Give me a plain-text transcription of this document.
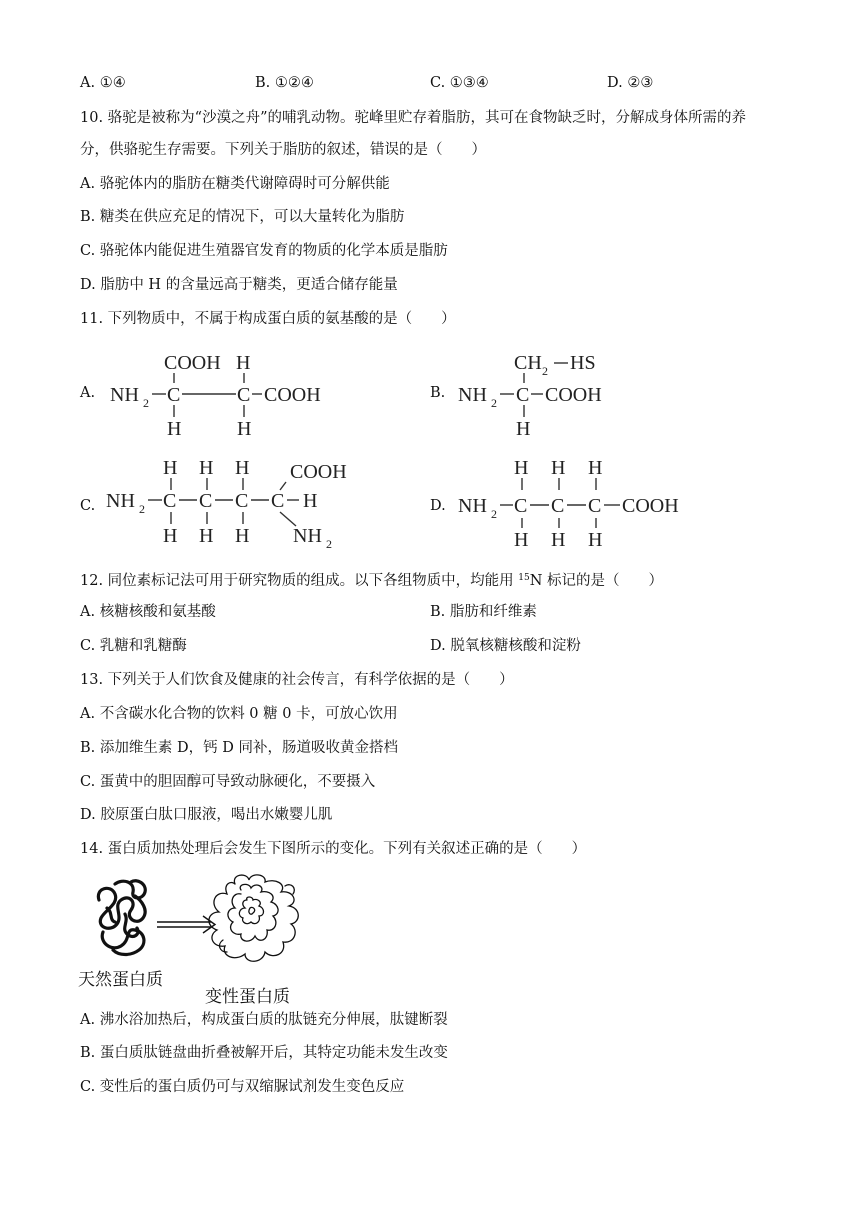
A. ①④	B. ①②④	C. ①③④	D. ②③
10. 骆驼是被称为“沙漠之舟”的哺乳动物。驼峰里贮存着脂肪，其可在食物缺乏时，分解成身体所需的养
分，供骆驼生存需要。下列关于脂肪的叙述，错误的是（　　）
A. 骆驼体内的脂肪在糖类代谢障碍时可分解供能
B. 糖类在供应充足的情况下，可以大量转化为脂肪
C. 骆驼体内能促进生殖器官发育的物质的化学本质是脂肪
D. 脂肪中 H 的含量远高于糖类，更适合储存能量
11. 下列物质中，不属于构成蛋白质的氨基酸的是（　　）
A.	B.
C.	D.
COOH H
NH 2 C	C COOH
H	H
CH 2 HS
NH 2 C COOH
H
H H H COOH
NH 2 C C C C H
H H H NH 2
H H H
NH 2 C C C COOH
H H H
12. 同位素标记法可用于研究物质的组成。以下各组物质中，均能用 $^{15}$N 标记的是（　　）
A. 核糖核酸和氨基酸	B. 脂肪和纤维素
C. 乳糖和乳糖酶	D. 脱氧核糖核酸和淀粉
13. 下列关于人们饮食及健康的社会传言，有科学依据的是（　　）
A. 不含碳水化合物的饮料 0 糖 0 卡，可放心饮用
B. 添加维生素 D，钙 D 同补，肠道吸收黄金搭档
C. 蛋黄中的胆固醇可导致动脉硬化，不要摄入
D. 胶原蛋白肽口服液，喝出水嫩婴儿肌
14. 蛋白质加热处理后会发生下图所示的变化。下列有关叙述正确的是（　　）
天然蛋白质
变性蛋白质
A. 沸水浴加热后，构成蛋白质的肽链充分伸展，肽键断裂
B. 蛋白质肽链盘曲折叠被解开后，其特定功能未发生改变
C. 变性后的蛋白质仍可与双缩脲试剂发生变色反应
